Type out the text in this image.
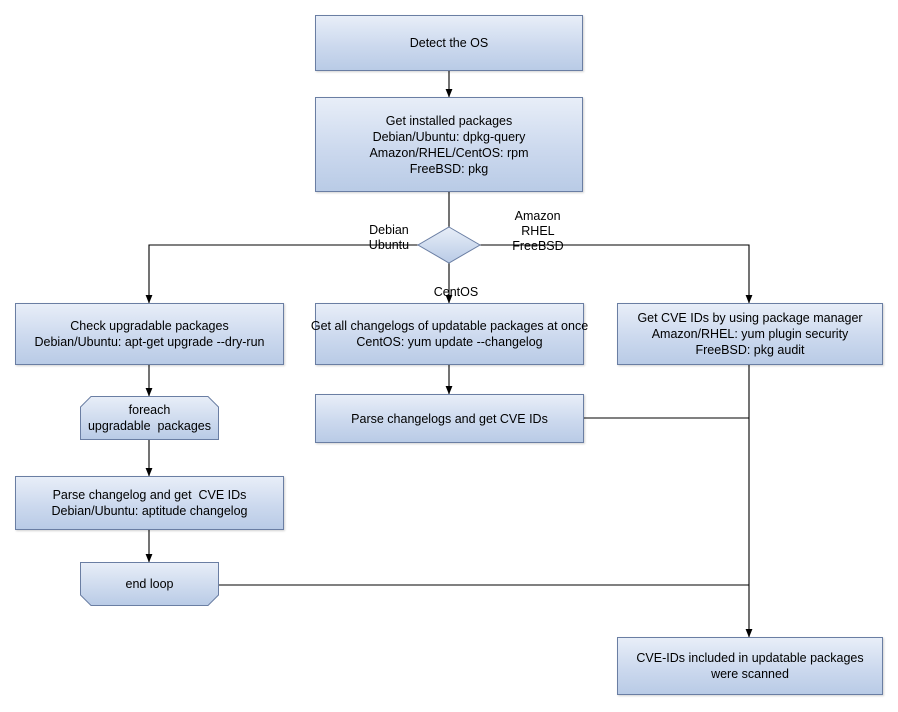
Detect the OS
Get installed packages
Debian/Ubuntu: dpkg-query
Amazon/RHEL/CentOS: rpm
FreeBSD: pkg

Debian
Ubuntu

Amazon
RHEL
FreeBSD

CentOS

Check upgradable packages
Debian/Ubuntu: apt-get upgrade --dry-run
Get all changelogs of updatable packages at once
CentOS: yum update --changelog
Get CVE IDs by using package manager
Amazon/RHEL: yum plugin security
FreeBSD: pkg audit
foreach
upgradable  packages
Parse changelogs and get CVE IDs
Parse changelog and get  CVE IDs
Debian/Ubuntu: aptitude changelog
end loop
CVE-IDs included in updatable packages
were scanned
